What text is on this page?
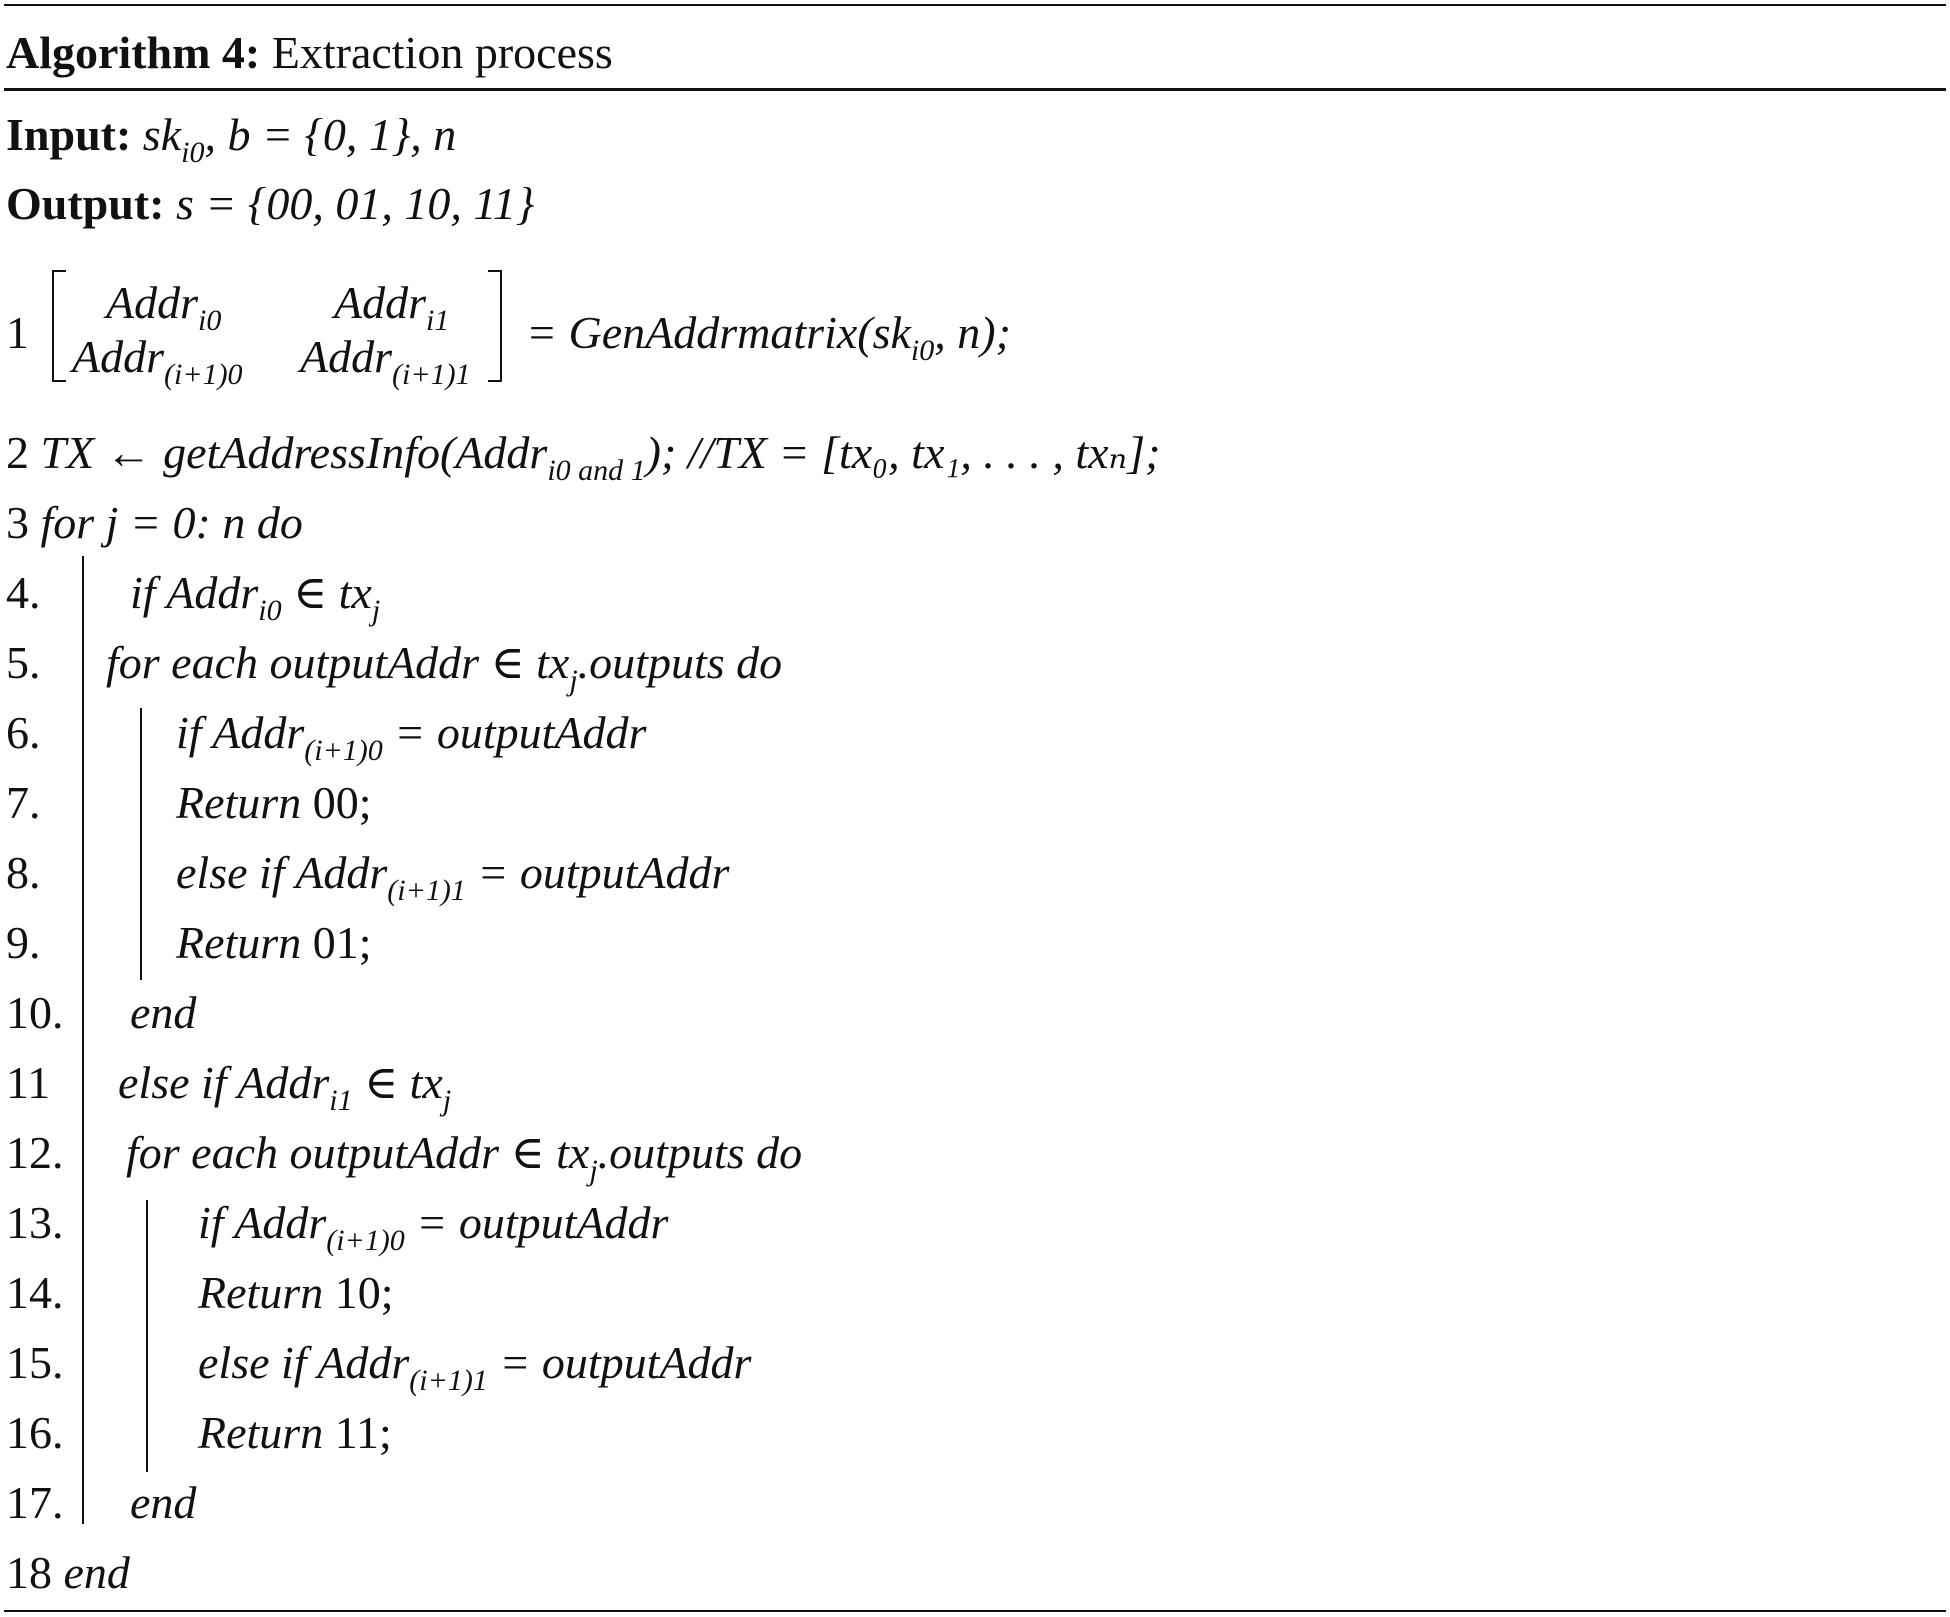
Algorithm 4: Extraction process
Input: $sk_{i0}$, b = {0, 1}, n
Output: s = {00, 01, 10, 11}
1
Addr$_{i0}$ Addr$_{i1}$
Addr$_{(i+1)0}$ Addr$_{(i+1)1}$
= $GenAddrmatrix(sk_{i0}$, n);
2 TX ← getAddressInfo(Addr$_{i0 and 1}$); //TX = [tx₀, tx₁, . . . , txₙ];
3 for j = 0: n do
4. if Addr$_{i0}$ ∈ $tx_j$
5. for each outputAddr ∈ $tx_j.outputs$ do
6.	if Addr$_{(i+1)0}$ = outputAddr
7.	Return 00;
8.	else if Addr$_{(i+1)1}$ = outputAddr
9.	Return 01;
10. end
11 else if Addr$_{i1}$ ∈ $tx_j$
12. for each outputAddr ∈ $tx_j.outputs$ do
13.	if Addr$_{(i+1)0}$ = outputAddr
14.	Return 10;
15.	else if Addr$_{(i+1)1}$ = outputAddr
16.	Return 11;
17. end
18 end
